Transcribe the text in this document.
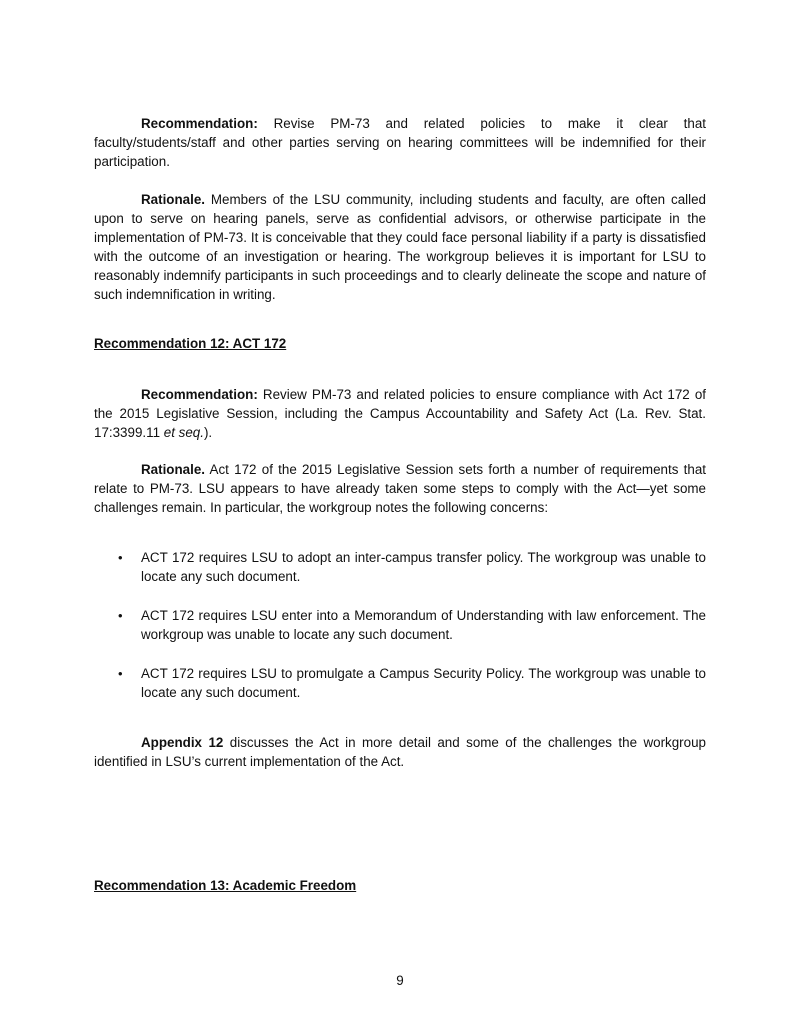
Recommendation: Revise PM-73 and related policies to make it clear that faculty/students/staff and other parties serving on hearing committees will be indemnified for their participation.

Rationale. Members of the LSU community, including students and faculty, are often called upon to serve on hearing panels, serve as confidential advisors, or otherwise participate in the implementation of PM-73. It is conceivable that they could face personal liability if a party is dissatisfied with the outcome of an investigation or hearing. The workgroup believes it is important for LSU to reasonably indemnify participants in such proceedings and to clearly delineate the scope and nature of such indemnification in writing.

Recommendation 12: ACT 172

Recommendation: Review PM-73 and related policies to ensure compliance with Act 172 of the 2015 Legislative Session, including the Campus Accountability and Safety Act (La. Rev. Stat. 17:3399.11 et seq.).

Rationale. Act 172 of the 2015 Legislative Session sets forth a number of requirements that relate to PM-73. LSU appears to have already taken some steps to comply with the Act—yet some challenges remain. In particular, the workgroup notes the following concerns:

• ACT 172 requires LSU to adopt an inter-campus transfer policy. The workgroup was unable to locate any such document.

• ACT 172 requires LSU enter into a Memorandum of Understanding with law enforcement. The workgroup was unable to locate any such document.

• ACT 172 requires LSU to promulgate a Campus Security Policy. The workgroup was unable to locate any such document.

Appendix 12 discusses the Act in more detail and some of the challenges the workgroup identified in LSU’s current implementation of the Act.

Recommendation 13: Academic Freedom

9
